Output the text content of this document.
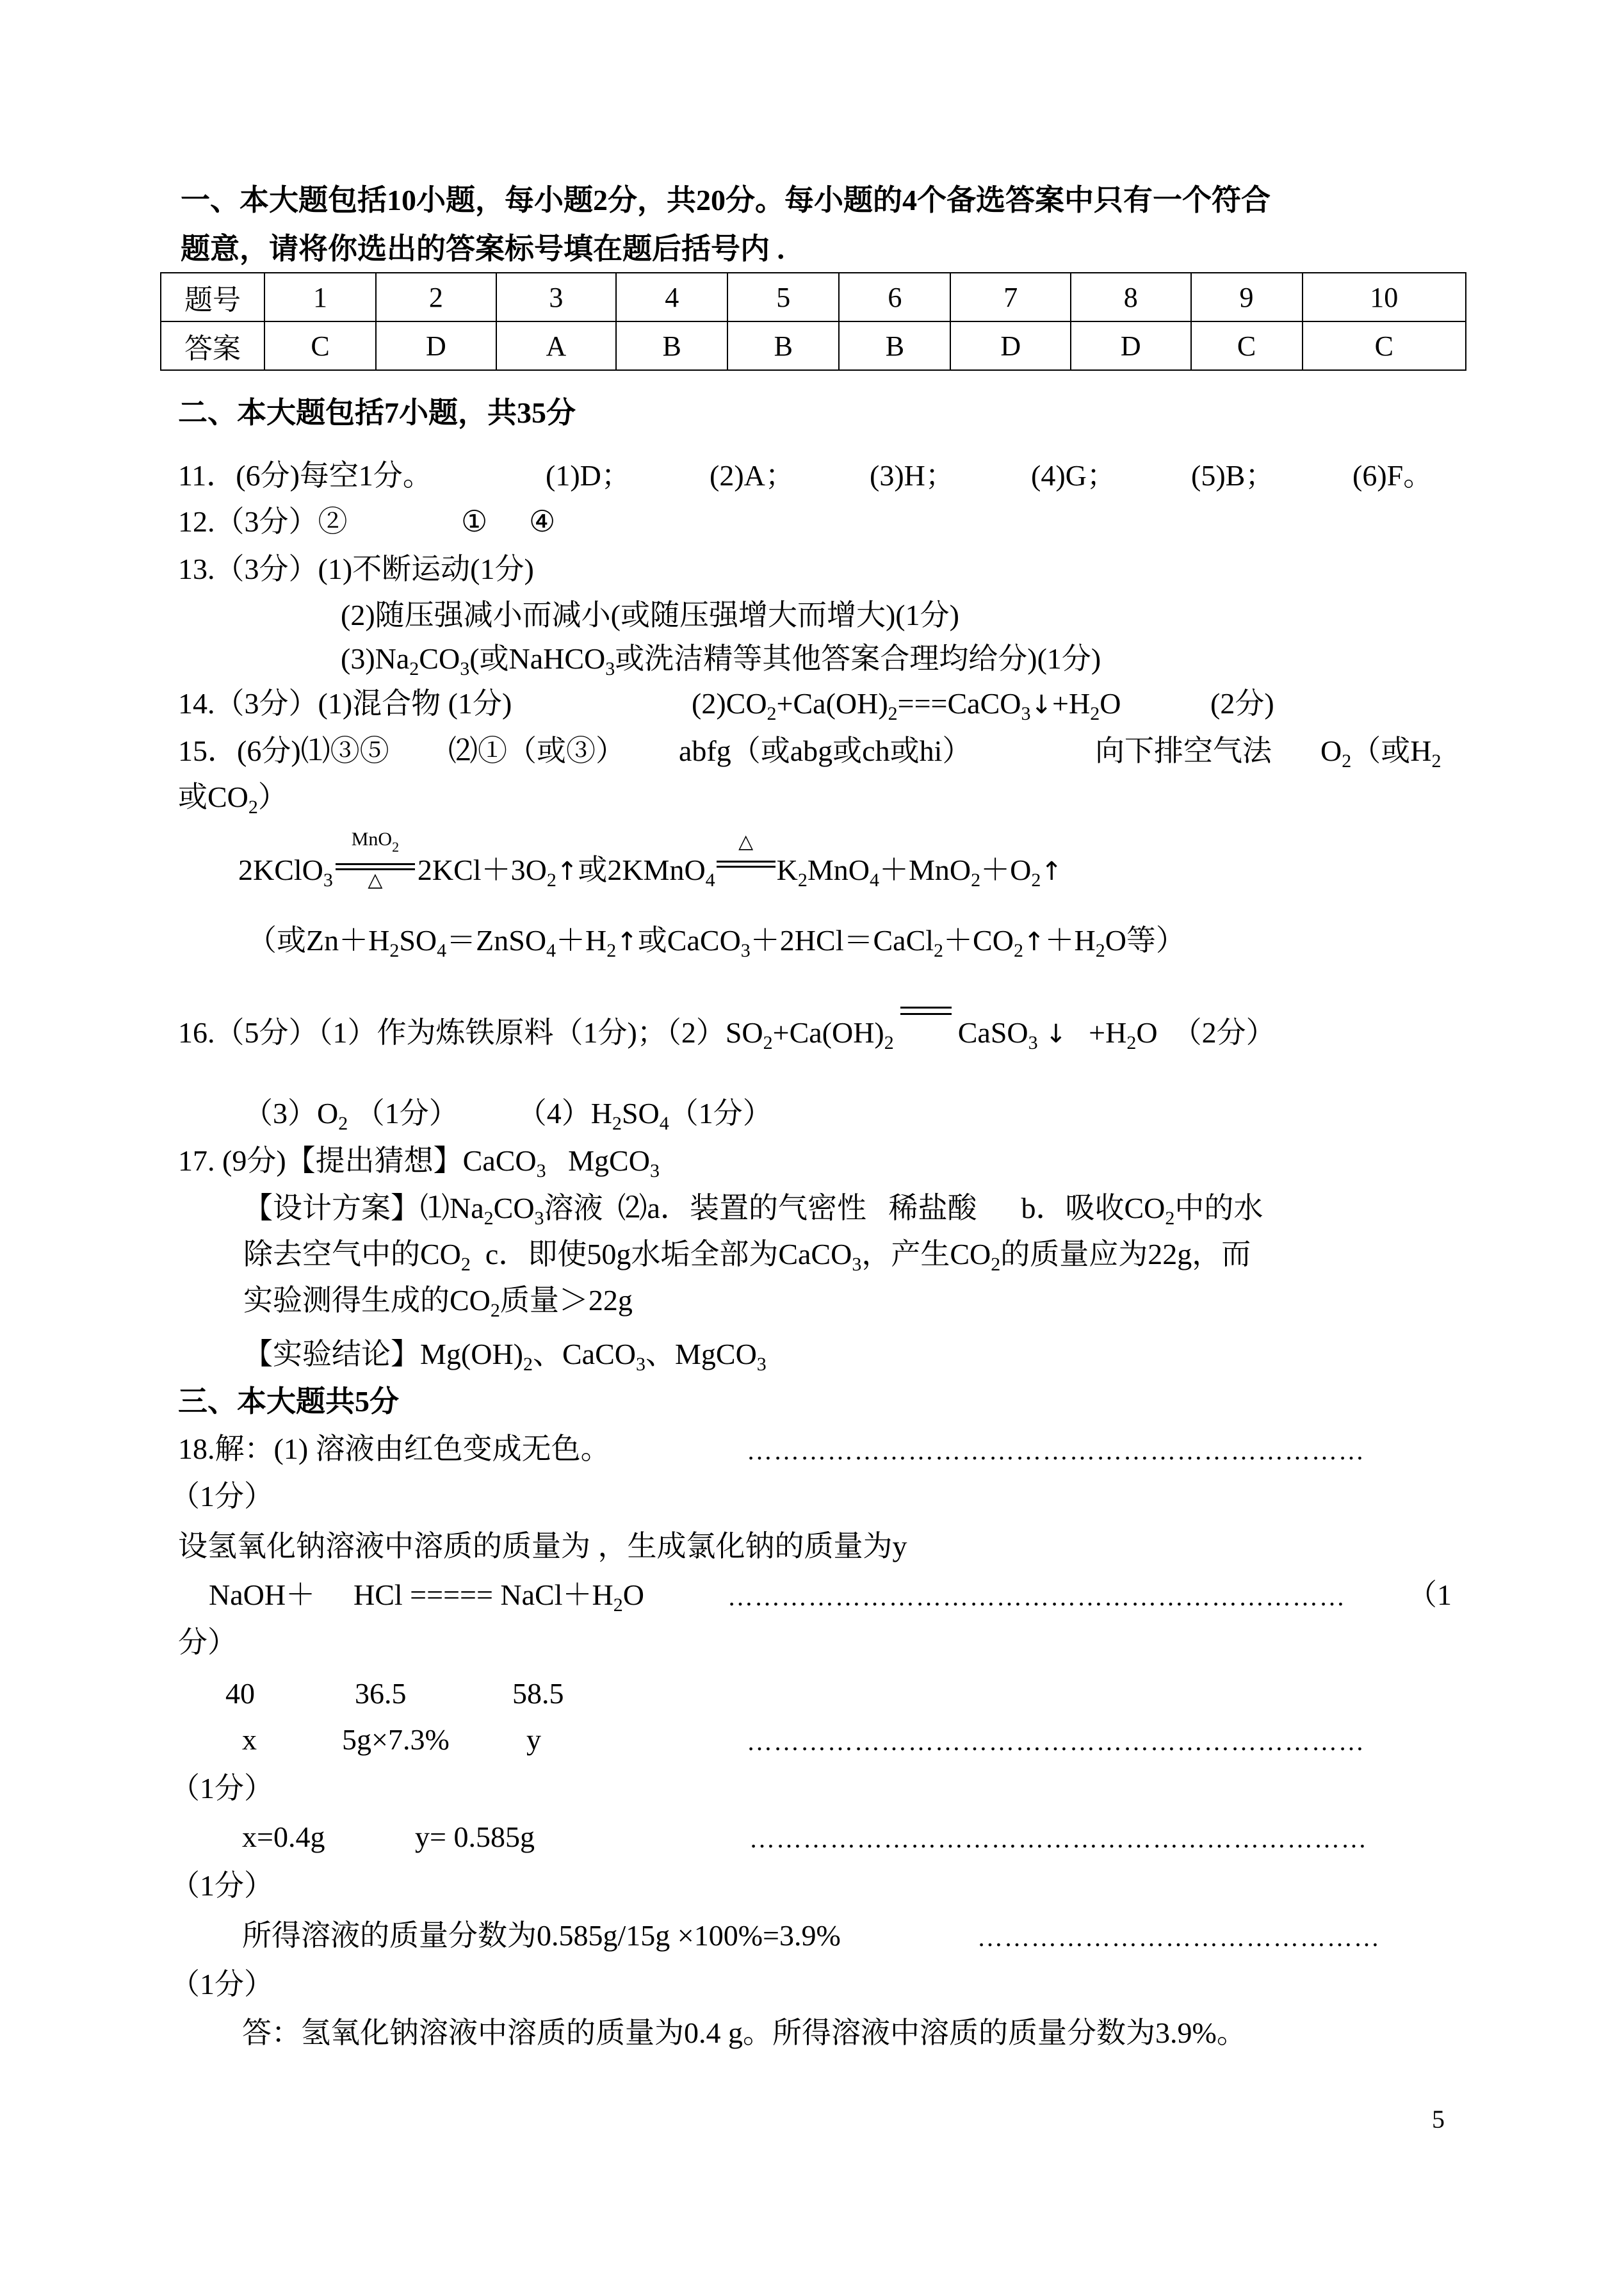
一、本大题包括10小题，每小题2分，共20分。每小题的4个备选答案中只有一个符合
题意，请将你选出的答案标号填在题后括号内 .
题号	1	2	3	4	5	6	7	8	9	10
答案	C	D	A	B	B	B	D	D	C	C
二、本大题包括7小题，共35分
11．(6分)每空1分。	(1)D；	(2)A；	(3)H；	(4)G；	(5)B；	(6)F。
12.（3分）②	① ④
13.（3分）(1)不断运动(1分)
(2)随压强减小而减小(或随压强增大而增大)(1分)
$(3)Na_2CO_3$(或NaHCO$_3$或洗洁精等其他答案合理均给分)(1分)
14.（3分）(1)混合物 (1分)	$(2)CO_2+Ca(OH)_2===CaCO_3↓+H_2O$	(2分)
15．(6分)⑴③⑤ ⑵①（或③） abfg（或abg或ch或hi）	向下排空气法 $O_2$（或$H_2$
或$CO_2$）
2KClO$_3$
MnO$_2$
△	$2KCl+3O_2↑$或2KMnO$_4$
△
$K_2MnO_4+MnO_2+O_2↑$
（或$Zn+H_2SO_4=ZnSO_4+H_2↑$或$CaCO_3+2HCl=CaCl_2+CO_2↑+H_2O$等）
16.（5分）（1）作为炼铁原料（1分)；$(2)SO_2+Ca(OH)_2$ CaSO$_3$ ↓ $+H_2O$ （2分）
$(3)O_2$ （1分） $(4)H_2SO_4(1$分）
17. (9分)【提出猜想】CaCO$_3$ MgCO$_3$
【设计方案】$⑴Na_2CO_3$溶液 ⑵a．装置的气密性 稀盐酸 b．吸收$CO_2$中的水
除去空气中的$CO_2$ c．即使50g水垢全部为CaCO$_3$，产生$CO_2$的质量应为22g，而
实验测得生成的$CO_2$质量＞22g
【实验结论】$Mg(OH)_2$、CaCO$_3$、MgCO$_3$
三、本大题共5分
18.解：(1) 溶液由红色变成无色。	……………………………………………………………
（1分）
设氢氧化钠溶液中溶质的质量为 ，生成氯化钠的质量为y
NaOH＋ HCl ===== $NaCl+H_2O$	……………………………………………………………	（1
分）
40	36.5	58.5
x	5g×7.3%	y	……………………………………………………………
（1分）
x=0.4g	y= 0.585g	……………………………………………………………
（1分）
所得溶液的质量分数为0.585g/15g ×100%=3.9%	………………………………………
（1分）
答：氢氧化钠溶液中溶质的质量为0.4 g。所得溶液中溶质的质量分数为3.9%。
5
